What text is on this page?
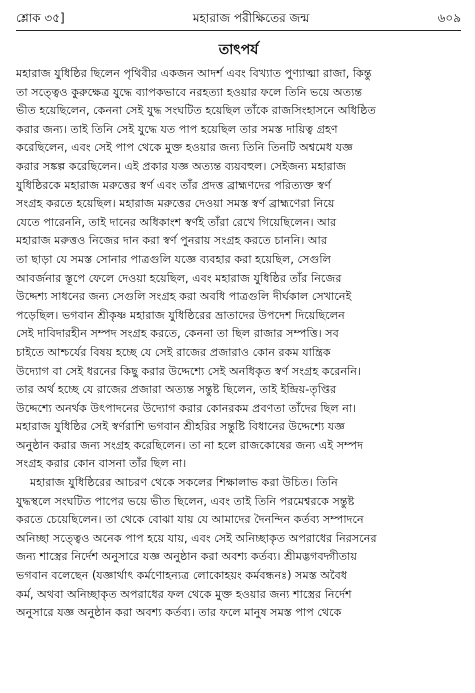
শ্লোক ৩৫]	মহারাজ পরীক্ষিতের জন্ম	৬০৯
তাৎপর্য
মহারাজ যুধিষ্ঠির ছিলেন পৃথিবীর একজন আদর্শ এবং বিখ্যাত পুণ্যাত্মা রাজা, কিন্তু
তা সত্ত্বেও কুরুক্ষেত্র যুদ্ধে ব্যাপকভাবে নরহত্যা হওয়ার ফলে তিনি ভয়ে অত্যন্ত
ভীত হয়েছিলেন, কেননা সেই যুদ্ধ সংঘটিত হয়েছিল তাঁকে রাজসিংহাসনে অধিষ্ঠিত
করার জন্য। তাই তিনি সেই যুদ্ধে যত পাপ হয়েছিল তার সমস্ত দায়িত্ব গ্রহণ
করেছিলেন, এবং সেই পাপ থেকে মুক্ত হওয়ার জন্য তিনি তিনটি অশ্বমেধ যজ্ঞ
করার সঙ্কল্প করেছিলেন। এই প্রকার যজ্ঞ অত্যন্ত ব্যয়বহুল। সেইজন্য মহারাজ
যুধিষ্ঠিরকে মহারাজ মরুত্তের স্বর্ণ এবং তাঁর প্রদত্ত ব্রাহ্মণদের পরিত্যক্ত স্বর্ণ
সংগ্রহ করতে হয়েছিল। মহারাজ মরুত্তের দেওয়া সমস্ত স্বর্ণ ব্রাহ্মণেরা নিয়ে
যেতে পারেননি, তাই দানের অধিকাংশ স্বর্ণই তাঁরা রেখে গিয়েছিলেন। আর
মহারাজ মরুত্তও নিজের দান করা স্বর্ণ পুনরায় সংগ্রহ করতে চাননি। আর
তা ছাড়া যে সমস্ত সোনার পাত্রগুলি যজ্ঞে ব্যবহার করা হয়েছিল, সেগুলি
আবর্জনার স্তূপে ফেলে দেওয়া হয়েছিল, এবং মহারাজ যুধিষ্ঠির তাঁর নিজের
উদ্দেশ্য সাধনের জন্য সেগুলি সংগ্রহ করা অবধি পাত্রগুলি দীর্ঘকাল সেখানেই
পড়েছিল। ভগবান শ্রীকৃষ্ণ মহারাজ যুধিষ্ঠিরের ভ্রাতাদের উপদেশ দিয়েছিলেন
সেই দাবিদারহীন সম্পদ সংগ্রহ করতে, কেননা তা ছিল রাজার সম্পত্তি। সব
চাইতে আশ্চর্যের বিষয় হচ্ছে যে সেই রাজের প্রজারাও কোন রকম যান্ত্রিক
উদ্যোগ বা সেই ধরনের কিছু করার উদ্দেশ্যে সেই অনধিকৃত স্বর্ণ সংগ্রহ করেননি।
তার অর্থ হচ্ছে যে রাজের প্রজারা অত্যন্ত সন্তুষ্ট ছিলেন, তাই ইন্দ্রিয়-তৃপ্তির
উদ্দেশ্যে অনর্থক উৎপাদনের উদ্যোগ করার কোনরকম প্রবণতা তাঁদের ছিল না।
মহারাজ যুধিষ্ঠির সেই স্বর্ণরাশি ভগবান শ্রীহরির সন্তুষ্টি বিধানের উদ্দেশ্যে যজ্ঞ
অনুষ্ঠান করার জন্য সংগ্রহ করেছিলেন। তা না হলে রাজকোষের জন্য এই সম্পদ
সংগ্রহ করার কোন বাসনা তাঁর ছিল না।
মহারাজ যুধিষ্ঠিরের আচরণ থেকে সকলের শিক্ষালাভ করা উচিত। তিনি
যুদ্ধস্থলে সংঘটিত পাপের ভয়ে ভীত ছিলেন, এবং তাই তিনি পরমেশ্বরকে সন্তুষ্ট
করতে চেয়েছিলেন। তা থেকে বোঝা যায় যে আমাদের দৈনন্দিন কর্তব্য সম্পাদনে
অনিচ্ছা সত্ত্বেও অনেক পাপ হয়ে যায়, এবং সেই অনিচ্ছাকৃত অপরাধের নিরসনের
জন্য শাস্ত্রের নির্দেশ অনুসারে যজ্ঞ অনুষ্ঠান করা অবশ্য কর্তব্য। শ্রীমদ্ভগবদ্গীতায়
ভগবান বলেছেন (যজ্ঞার্থাৎ কর্মণোহন্যত্র লোকোহয়ং কর্মবন্ধনঃ) সমস্ত অবৈধ
কর্ম, অথবা অনিচ্ছাকৃত অপরাধের ফল থেকে মুক্ত হওয়ার জন্য শাস্ত্রের নির্দেশ
অনুসারে যজ্ঞ অনুষ্ঠান করা অবশ্য কর্তব্য। তার ফলে মানুষ সমস্ত পাপ থেকে
